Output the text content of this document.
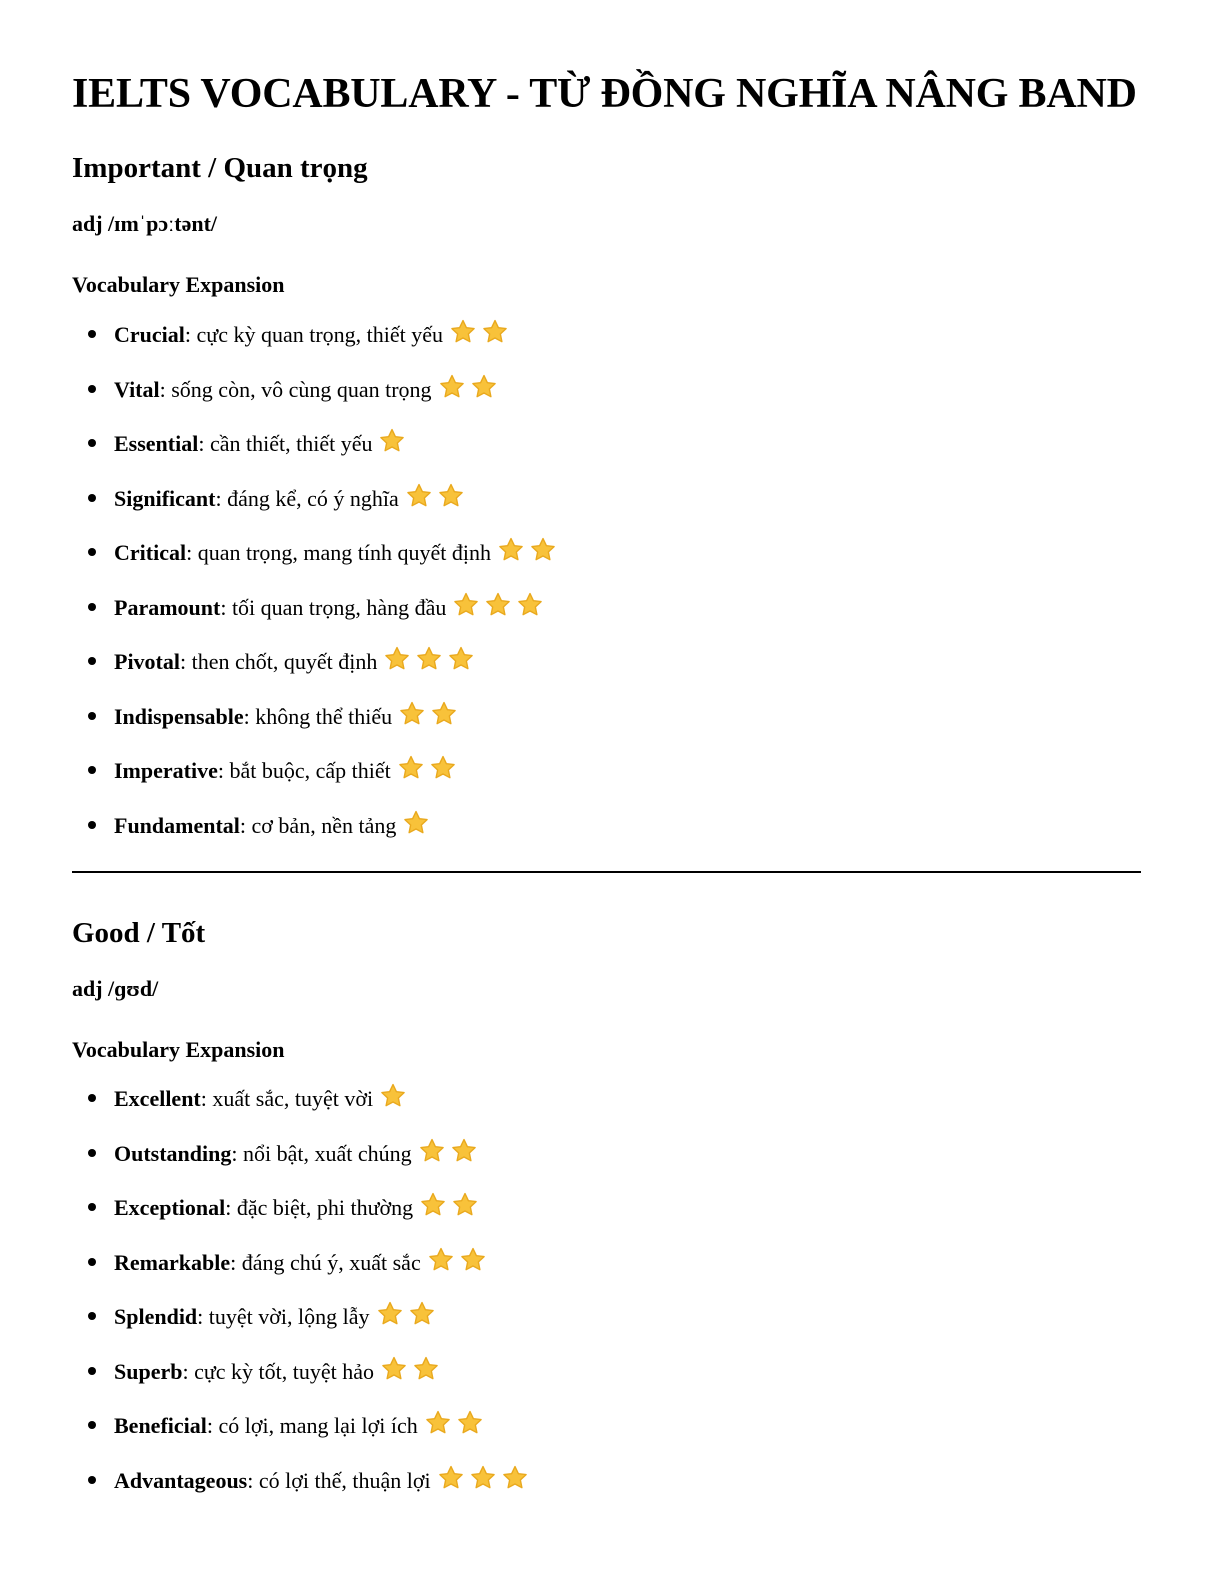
IELTS VOCABULARY - TỪ ĐỒNG NGHĨA NÂNG BAND
Important / Quan trọng

adj /ɪmˈpɔːtənt/

Vocabulary Expansion
Crucial: cực kỳ quan trọng, thiết yếu
Vital: sống còn, vô cùng quan trọng
Essential: cần thiết, thiết yếu
Significant: đáng kể, có ý nghĩa
Critical: quan trọng, mang tính quyết định
Paramount: tối quan trọng, hàng đầu
Pivotal: then chốt, quyết định
Indispensable: không thể thiếu
Imperative: bắt buộc, cấp thiết
Fundamental: cơ bản, nền tảng
Good / Tốt

adj /ɡʊd/

Vocabulary Expansion
Excellent: xuất sắc, tuyệt vời
Outstanding: nổi bật, xuất chúng
Exceptional: đặc biệt, phi thường
Remarkable: đáng chú ý, xuất sắc
Splendid: tuyệt vời, lộng lẫy
Superb: cực kỳ tốt, tuyệt hảo
Beneficial: có lợi, mang lại lợi ích
Advantageous: có lợi thế, thuận lợi
